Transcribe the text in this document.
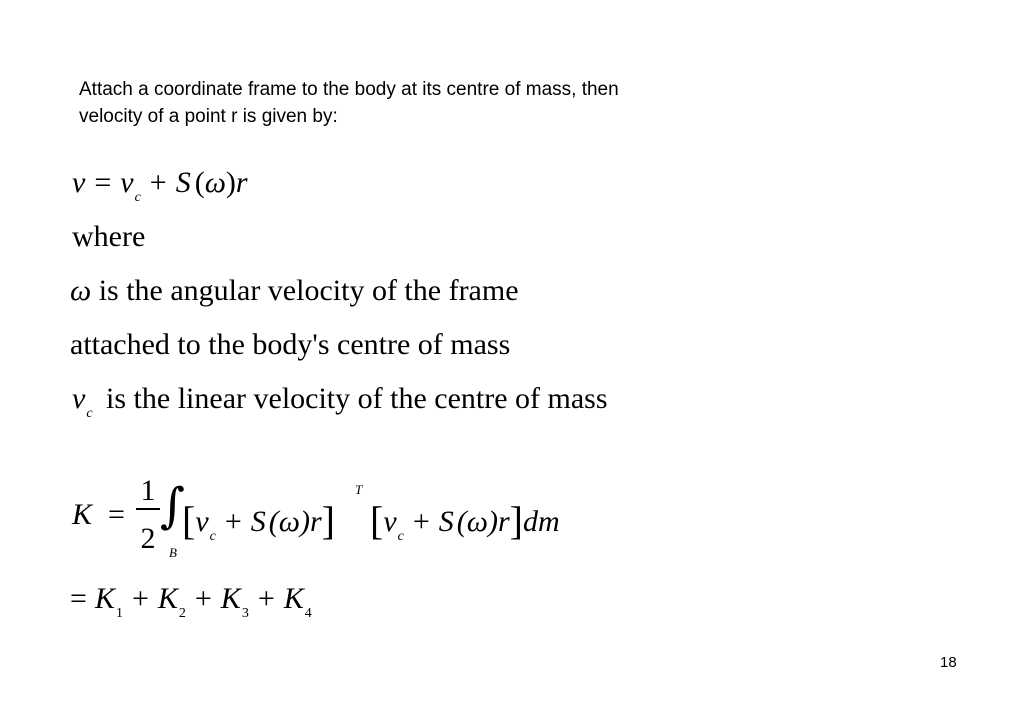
Attach a coordinate frame to the body at its centre of mass, then
velocity of a point r is given by:
$v = v_c + S$ (ω)r
where
ω is the angular velocity of the frame
attached to the body's centre of mass
$v_c$ is the linear velocity of the centre of mass
K =
1
2
∫
B
[$v_c + S$ (ω)r]
T
[$v_c + S$ (ω)r]dm
= $K_1 + K_2 + K_3 + K_4$
18
